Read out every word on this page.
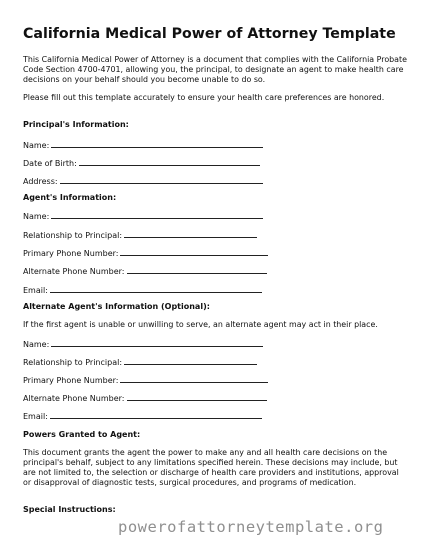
California Medical Power of Attorney Template

This California Medical Power of Attorney is a document that complies with the California Probate Code Section 4700-4701, allowing you, the principal, to designate an agent to make health care decisions on your behalf should you become unable to do so.

Please fill out this template accurately to ensure your health care preferences are honored.

Principal's Information:
Name:
Date of Birth:
Address:
Agent's Information:
Name:
Relationship to Principal:
Primary Phone Number:
Alternate Phone Number:
Email:
Alternate Agent's Information (Optional):

If the first agent is unable or unwilling to serve, an alternate agent may act in their place.

Name:
Relationship to Principal:
Primary Phone Number:
Alternate Phone Number:
Email:
Powers Granted to Agent:

This document grants the agent the power to make any and all health care decisions on the principal's behalf, subject to any limitations specified herein. These decisions may include, but are not limited to, the selection or discharge of health care providers and institutions, approval or disapproval of diagnostic tests, surgical procedures, and programs of medication.

Special Instructions:
powerofattorneytemplate.org
